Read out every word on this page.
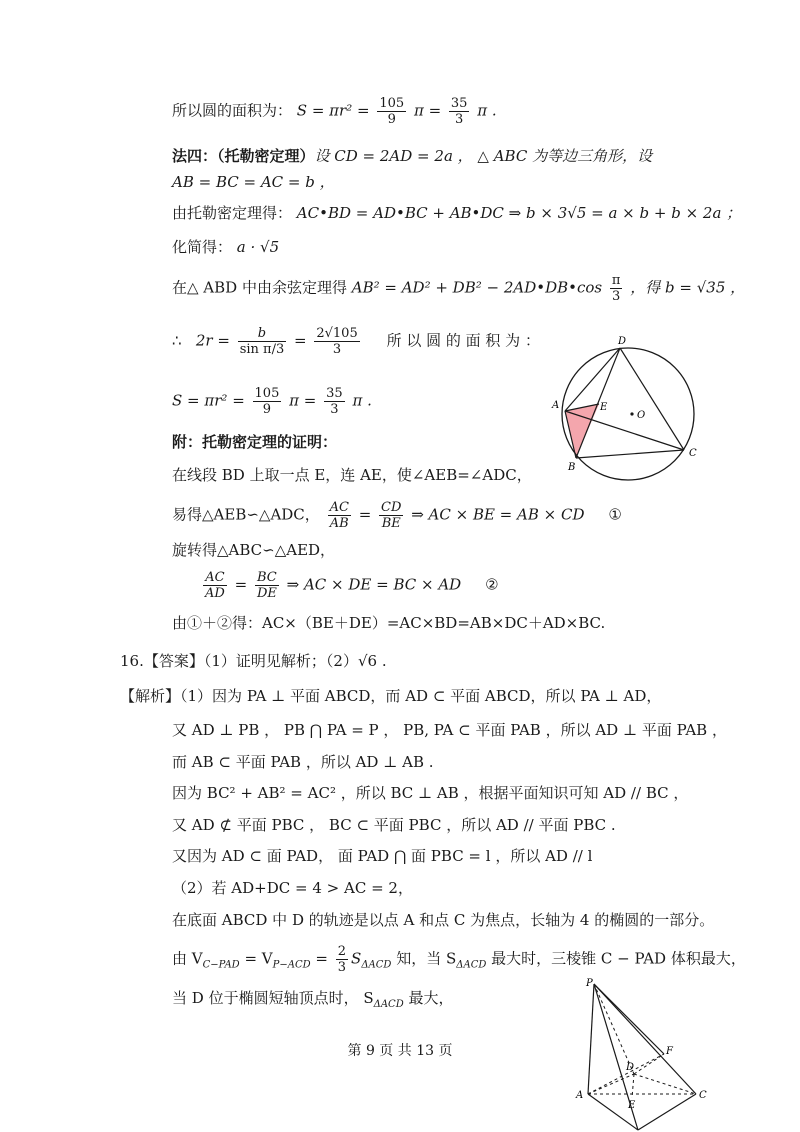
所以圆的面积为： $S = \pi r^2 = \frac{105}{9}$ $\pi = \frac{35}{3}$ π .
法四：（托勒密定理）设 CD = 2AD = 2a ， △ ABC 为等边三角形，设
AB = BC = AC = b ，
由托勒密定理得： AC•BD = AD•BC + AB•DC ⇒ b × 3√5 = a × b + b × 2a ；
化简得： a · √5
在△ ABD 中由余弦定理得 AB² = AD² + DB² − 2AD•DB•cos $\frac{\pi}{3}$ ，得 b = √35 ，
∴ $2r = \frac{b}{\text{sin π/3}} = \frac{2√105}{3}$ 所 以 圆 的 面 积 为 ：
$S = \pi r^2 = \frac{105}{9}$ $\pi = \frac{35}{3}$ π .
附：托勒密定理的证明：
在线段 BD 上取一点 E，连 AE，使∠AEB=∠ADC，
易得△AEB∽△ADC， $\frac{AC}{AB} = \frac{CD}{BE}$ ⇒ AC × BE = AB × CD ①
旋转得△ABC∽△AED，
$\frac{AC}{AD} = \frac{BC}{DE}$ ⇒ AC × DE = BC × AD ②
由①＋②得：AC×（BE＋DE）=AC×BD=AB×DC＋AD×BC.
16.【答案】（1）证明见解析；（2）√6 .
【解析】（1）因为 PA ⊥ 平面 ABCD，而 AD ⊂ 平面 ABCD，所以 PA ⊥ AD，
又 AD ⊥ PB ， PB ⋂ PA = P ， PB, PA ⊂ 平面 PAB ，所以 AD ⊥ 平面 PAB ，
而 AB ⊂ 平面 PAB ，所以 AD ⊥ AB .
因为 BC² + AB² = AC² ，所以 BC ⊥ AB ，根据平面知识可知 AD // BC ，
又 AD ⊄ 平面 PBC ， BC ⊂ 平面 PBC ，所以 AD // 平面 PBC .
又因为 AD ⊂ 面 PAD， 面 PAD ⋂ 面 PBC = l ，所以 AD // l
（2）若 AD+DC = 4 > AC = 2，
在底面 ABCD 中 D 的轨迹是以点 A 和点 C 为焦点，长轴为 4 的椭圆的一部分。
由 $V_{C-PAD} = V_{P-ACD} = \frac{2}{3} S_{\Delta ACD}$ 知，当 $S_{\Delta ACD}$ 最大时，三棱锥 C − PAD 体积最大，
当 D 位于椭圆短轴顶点时， $S_{\Delta ACD}$ 最大，
第 9 页 共 13 页
D
A	E
O
B
C
P
F
D
A
E
C
